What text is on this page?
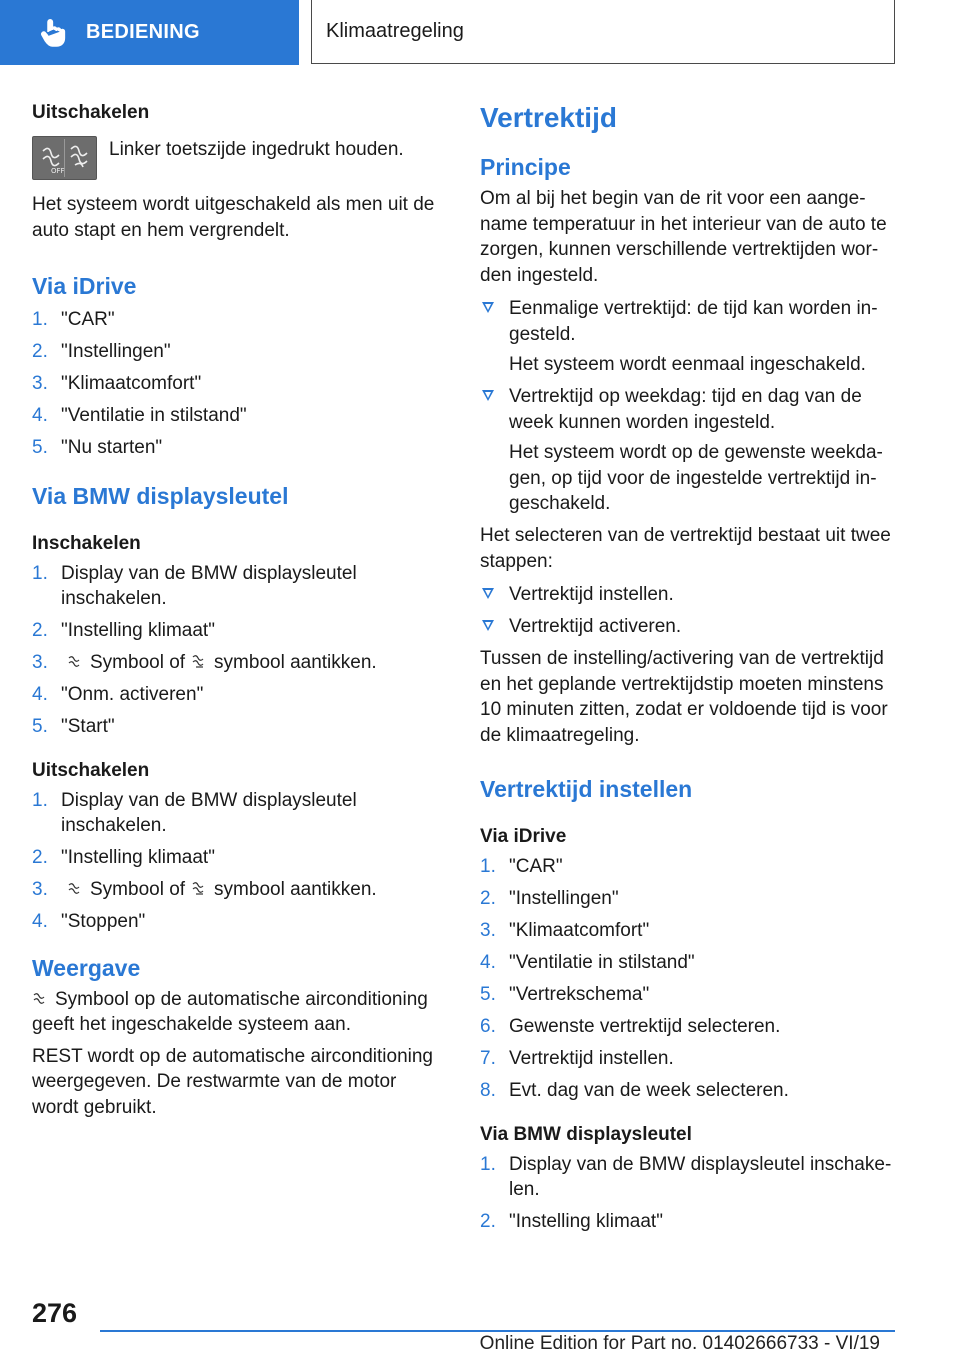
BEDIENING	Klimaatregeling

Uitschakelen

OFF

Linker toetszijde ingedrukt houden.

Het systeem wordt uitgeschakeld als men uit de auto stapt en hem vergrendelt.

Via iDrive

1. "CAR"
2. "Instellingen"
3. "Klimaatcomfort"
4. "Ventilatie in stilstand"
5. "Nu starten"

Via BMW displaysleutel

Inschakelen

1. Display van de BMW displaysleutel inschakelen.
2. "Instelling klimaat"
3. Symbool of symbool aantikken.
4. "Onm. activeren"
5. "Start"

Uitschakelen

1. Display van de BMW displaysleutel inschakelen.
2. "Instelling klimaat"
3. Symbool of symbool aantikken.
4. "Stoppen"

Weergave

Symbool op de automatische airconditioning geeft het ingeschakelde systeem aan.

REST wordt op de automatische airconditioning weergegeven. De restwarmte van de motor wordt gebruikt.

Vertrektijd

Principe

Om al bij het begin van de rit voor een aangename temperatuur in het interieur van de auto te zorgen, kunnen verschillende vertrektijden worden ingesteld.

Eenmalige vertrektijd: de tijd kan worden ingesteld.

Het systeem wordt eenmaal ingeschakeld.

Vertrektijd op weekdag: tijd en dag van de week kunnen worden ingesteld.

Het systeem wordt op de gewenste weekdagen, op tijd voor de ingestelde vertrektijd ingeschakeld.

Het selecteren van de vertrektijd bestaat uit twee stappen:

Vertrektijd instellen.
Vertrektijd activeren.

Tussen de instelling/activering van de vertrektijd en het geplande vertrektijdstip moeten minstens 10 minuten zitten, zodat er voldoende tijd is voor de klimaatregeling.

Vertrektijd instellen

Via iDrive

1. "CAR"
2. "Instellingen"
3. "Klimaatcomfort"
4. "Ventilatie in stilstand"
5. "Vertrekschema"
6. Gewenste vertrektijd selecteren.
7. Vertrektijd instellen.
8. Evt. dag van de week selecteren.

Via BMW displaysleutel

1. Display van de BMW displaysleutel inschakelen.
2. "Instelling klimaat"
276
Online Edition for Part no. 01402666733 - VI/19
